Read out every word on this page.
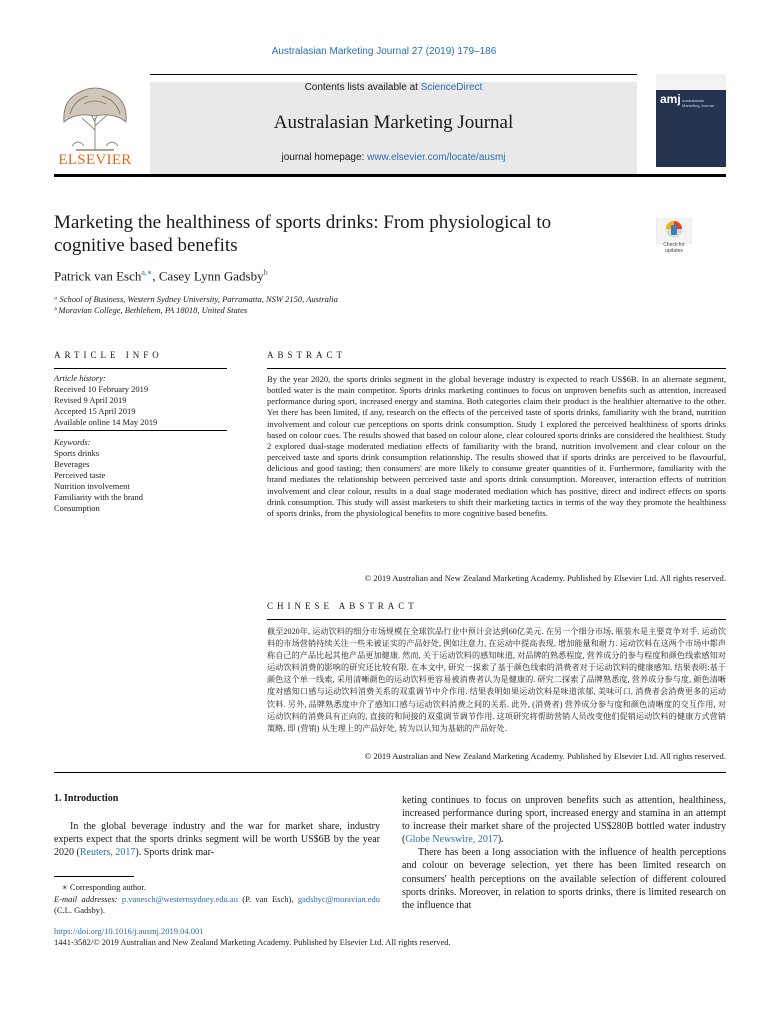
Australasian Marketing Journal 27 (2019) 179–186
ELSEVIER
Contents lists available at ScienceDirect
Australasian Marketing Journal
journal homepage: www.elsevier.com/locate/ausmj
amj Australasian Marketing Journal
Marketing the healthiness of sports drinks: From physiological to cognitive based benefits	Check for updates
Patrick van Esch$^{a,∗}$, Casey Lynn Gadsby$^b$
ᵃ School of Business, Western Sydney University, Parramatta, NSW 2150, Australia
ᵇ Moravian College, Bethlehem, PA 18018, United States
ARTICLE INFO
Article history:
Received 10 February 2019
Revised 9 April 2019
Accepted 15 April 2019
Available online 14 May 2019
Keywords:
Sports drinks
Beverages
Perceived taste
Nutrition involvement
Familiarity with the brand
Consumption
ABSTRACT
By the year 2020, the sports drinks segment in the global beverage industry is expected to reach US$6B. In an alternate segment, bottled water is the main competitor. Sports drinks marketing continues to focus on unproven benefits such as attention, increased performance during sport, increased energy and stamina. Both categories claim their product is the healthier alternative to the other. Yet there has been limited, if any, research on the effects of the perceived taste of sports drinks, familiarity with the brand, nutrition involvement and colour cue perceptions on sports drink consumption. Study 1 explored the perceived healthiness of sports drinks based on colour cues. The results showed that based on colour alone, clear coloured sports drinks are considered the healthiest. Study 2 explored dual-stage moderated mediation effects of familiarity with the brand, nutrition involvement and clear colour on the perceived taste and sports drink consumption relationship. The results showed that if sports drinks are perceived to be flavourful, delicious and good tasting; then consumers' are more likely to consume greater quantities of it. Furthermore, familiarity with the brand mediates the relationship between perceived taste and sports drink consumption. Moreover, interaction effects of nutrition involvement and clear colour, results in a dual stage moderated mediation which has positive, direct and indirect effects on sports drink consumption. This study will assist marketers to shift their marketing tactics in terms of the way they promote the healthiness of sports drinks, from the physiological benefits to more cognitive based benefits.
© 2019 Australian and New Zealand Marketing Academy. Published by Elsevier Ltd. All rights reserved.
CHINESE ABSTRACT
截至2020年, 运动饮料的细分市场规模在全球饮品行业中预计会达到60亿美元. 在另一个细分市场, 瓶装水是主要竞争对手. 运动饮料的市场营销持续关注一些未被证实的产品好处, 例如注意力, 在运动中提高表现, 增加能量和耐力. 运动饮料在这两个市场中都声称自己的产品比起其他产品更加健康. 然而, 关于运动饮料的感知味道, 对品牌的熟悉程度, 营养成分的参与程度和颜色线索感知对运动饮料消费的影响的研究还比较有限. 在本文中, 研究一探索了基于颜色线索的消费者对于运动饮料的健康感知. 结果表明:基于颜色这个单一线索, 采用清晰颜色的运动饮料更容易被消费者认为是健康的. 研究二探索了品牌熟悉度, 营养成分参与度, 颜色清晰度对感知口感与运动饮料消费关系的双重调节中介作用. 结果表明如果运动饮料是味道浓郁, 美味可口, 消费者会消费更多的运动饮料. 另外, 品牌熟悉度中介了感知口感与运动饮料消费之间的关系. 此外, (消费者) 营养成分参与度和颜色清晰度的交互作用, 对运动饮料的消费具有正向的, 直接的和间接的双重调节调节作用. 这项研究将帮助营销人员改变他们促销运动饮料的健康方式营销策略, 即 (营销) 从生理上的产品好处, 转为以认知为基础的产品好处.
© 2019 Australian and New Zealand Marketing Academy. Published by Elsevier Ltd. All rights reserved.
1. Introduction
In the global beverage industry and the war for market share, industry experts expect that the sports drinks segment will be worth US$6B by the year 2020 (Reuters, 2017). Sports drink mar-

keting continues to focus on unproven benefits such as attention, healthiness, increased performance during sport, increased energy and stamina in an attempt to increase their market share of the projected US$280B bottled water industry (Globe Newswire, 2017).

There has been a long association with the influence of health perceptions and colour on beverage selection, yet there has been limited research on consumers' health perceptions on the available selection of different coloured sports drinks. Moreover, in relation to sports drinks, there is limited research on the influence that

∗ Corresponding author.
E-mail addresses: p.vanesch@westernsydney.edu.au (P. van Esch), gadsbyc@moravian.edu (C.L. Gadsby).
https://doi.org/10.1016/j.ausmj.2019.04.001
1441-3582/© 2019 Australian and New Zealand Marketing Academy. Published by Elsevier Ltd. All rights reserved.
